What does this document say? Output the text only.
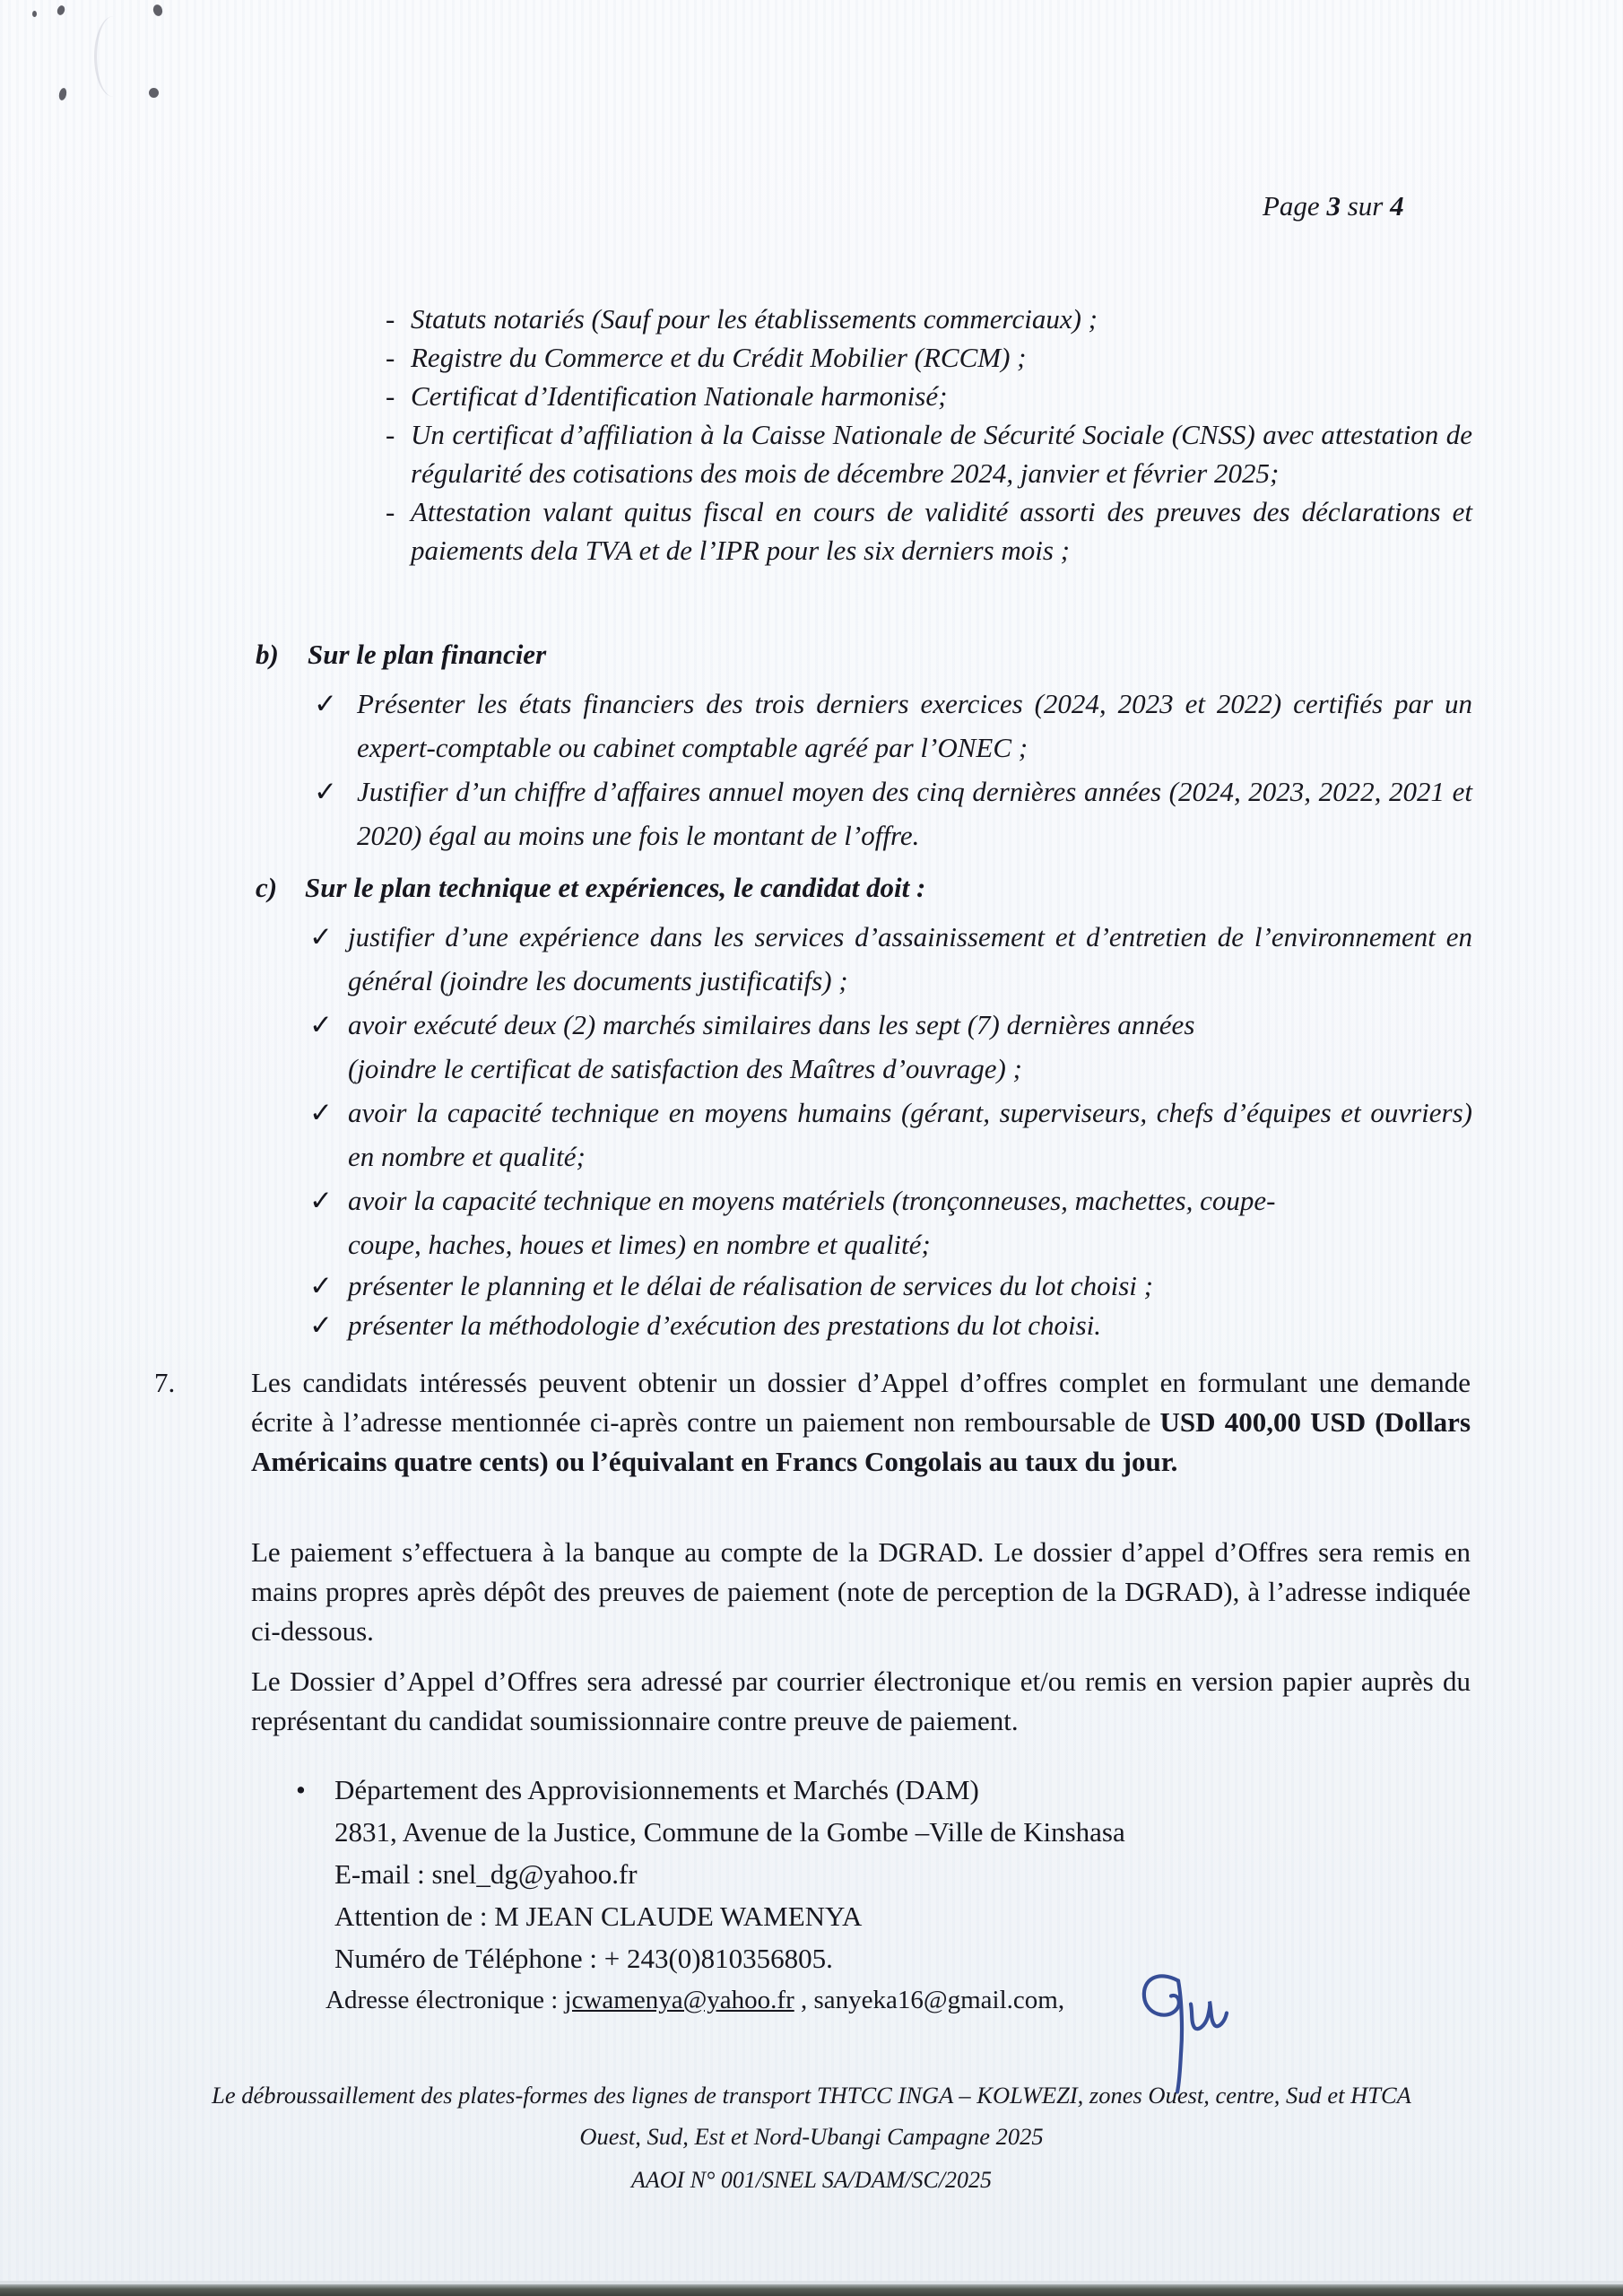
Page 3 sur 4
- Statuts notariés (Sauf pour les établissements commerciaux) ;
- Registre du Commerce et du Crédit Mobilier (RCCM) ;
- Certificat d’Identification Nationale harmonisé;
- Un certificat d’affiliation à la Caisse Nationale de Sécurité Sociale (CNSS) avec attestation de régularité des cotisations des mois de décembre 2024, janvier et février 2025;
- Attestation valant quitus fiscal en cours de validité assorti des preuves des déclarations et paiements dela TVA et de l’IPR pour les six derniers mois ;
b)	Sur le plan financier
✓ Présenter les états financiers des trois derniers exercices (2024, 2023 et 2022) certifiés par un expert-comptable ou cabinet comptable agréé par l’ONEC ;
✓ Justifier d’un chiffre d’affaires annuel moyen des cinq dernières années (2024, 2023, 2022, 2021 et 2020) égal au moins une fois le montant de l’offre.
c) Sur le plan technique et expériences, le candidat doit :
✓ justifier d’une expérience dans les services d’assainissement et d’entretien de l’environnement en général (joindre les documents justificatifs) ;
✓ avoir exécuté deux (2) marchés similaires dans les sept (7) dernières années
(joindre le certificat de satisfaction des Maîtres d’ouvrage) ;
✓ avoir la capacité technique en moyens humains (gérant, superviseurs, chefs d’équipes et ouvriers) en nombre et qualité;
✓ avoir la capacité technique en moyens matériels (tronçonneuses, machettes, coupe-
coupe, haches, houes et limes) en nombre et qualité;
✓ présenter le planning et le délai de réalisation de services du lot choisi ;
✓ présenter la méthodologie d’exécution des prestations du lot choisi.
7.	Les candidats intéressés peuvent obtenir un dossier d’Appel d’offres complet en formulant une demande écrite à l’adresse mentionnée ci-après contre un paiement non remboursable de USD 400,00 USD (Dollars Américains quatre cents) ou l’équivalant en Francs Congolais au taux du jour.
Le paiement s’effectuera à la banque au compte de la DGRAD. Le dossier d’appel d’Offres sera remis en mains propres après dépôt des preuves de paiement (note de perception de la DGRAD), à l’adresse indiquée ci-dessous.
Le Dossier d’Appel d’Offres sera adressé par courrier électronique et/ou remis en version papier auprès du représentant du candidat soumissionnaire contre preuve de paiement.
•	Département des Approvisionnements et Marchés (DAM)
2831, Avenue de la Justice, Commune de la Gombe –Ville de Kinshasa
E-mail : snel_dg@yahoo.fr
Attention de : M JEAN CLAUDE WAMENYA
Numéro de Téléphone : + 243(0)810356805.
Adresse électronique : jcwamenya@yahoo.fr , sanyeka16@gmail.com,
Le débroussaillement des plates-formes des lignes de transport THTCC INGA – KOLWEZI, zones Ouest, centre, Sud et HTCA
Ouest, Sud, Est et Nord-Ubangi Campagne 2025
AAOI N° 001/SNEL SA/DAM/SC/2025
